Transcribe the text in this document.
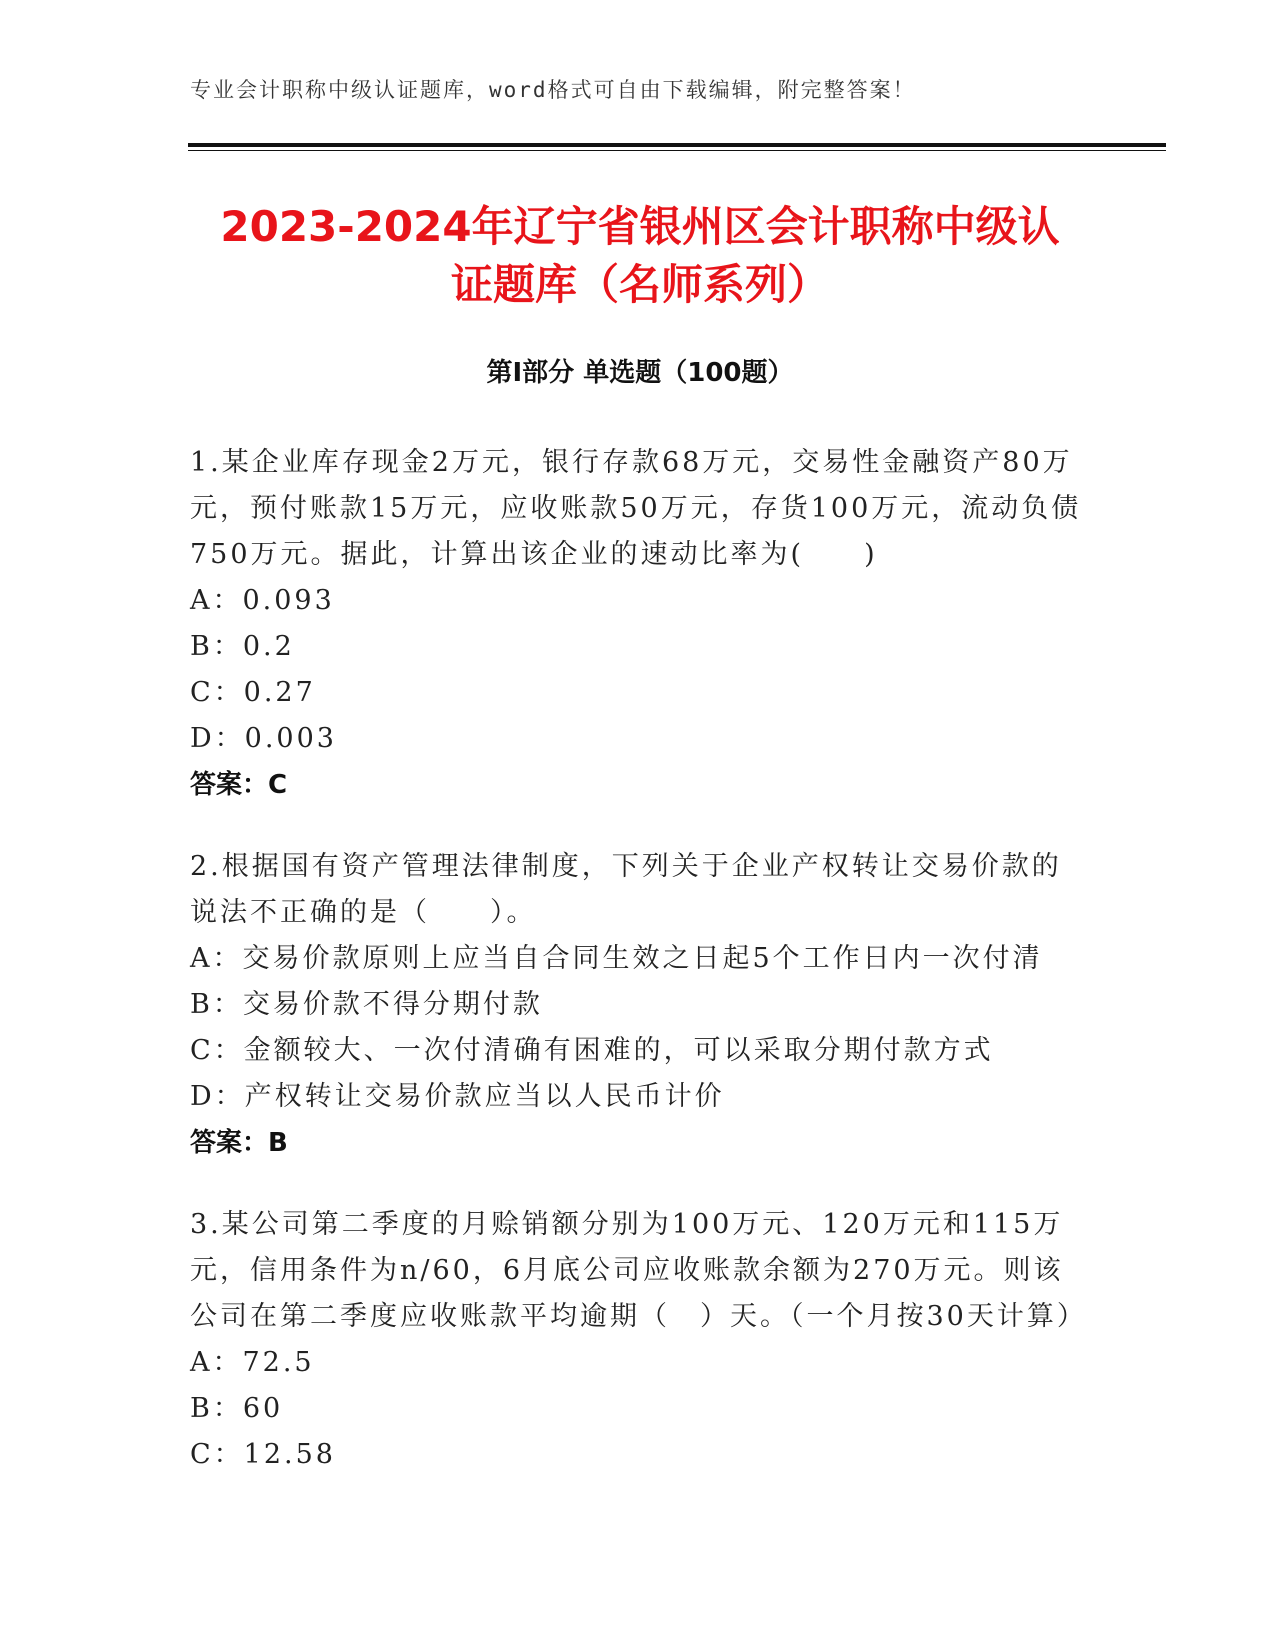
专业会计职称中级认证题库，word格式可自由下载编辑，附完整答案！
2023-2024年辽宁省银州区会计职称中级认
证题库（名师系列）
第Ⅰ部分 单选题（100题）

1.某企业库存现金2万元，银行存款68万元，交易性金融资产80万元，预付账款15万元，应收账款50万元，存货100万元，流动负债750万元。据此，计算出该企业的速动比率为(　　)

A：0.093

B：0.2

C：0.27

D：0.003

答案：C

2.根据国有资产管理法律制度，下列关于企业产权转让交易价款的说法不正确的是（　　）。

A：交易价款原则上应当自合同生效之日起5个工作日内一次付清

B：交易价款不得分期付款

C：金额较大、一次付清确有困难的，可以采取分期付款方式

D：产权转让交易价款应当以人民币计价

答案：B

3.某公司第二季度的月赊销额分别为100万元、120万元和115万元，信用条件为n/60，6月底公司应收账款余额为270万元。则该公司在第二季度应收账款平均逾期（　）天。（一个月按30天计算）

A：72.5

B：60

C：12.58
